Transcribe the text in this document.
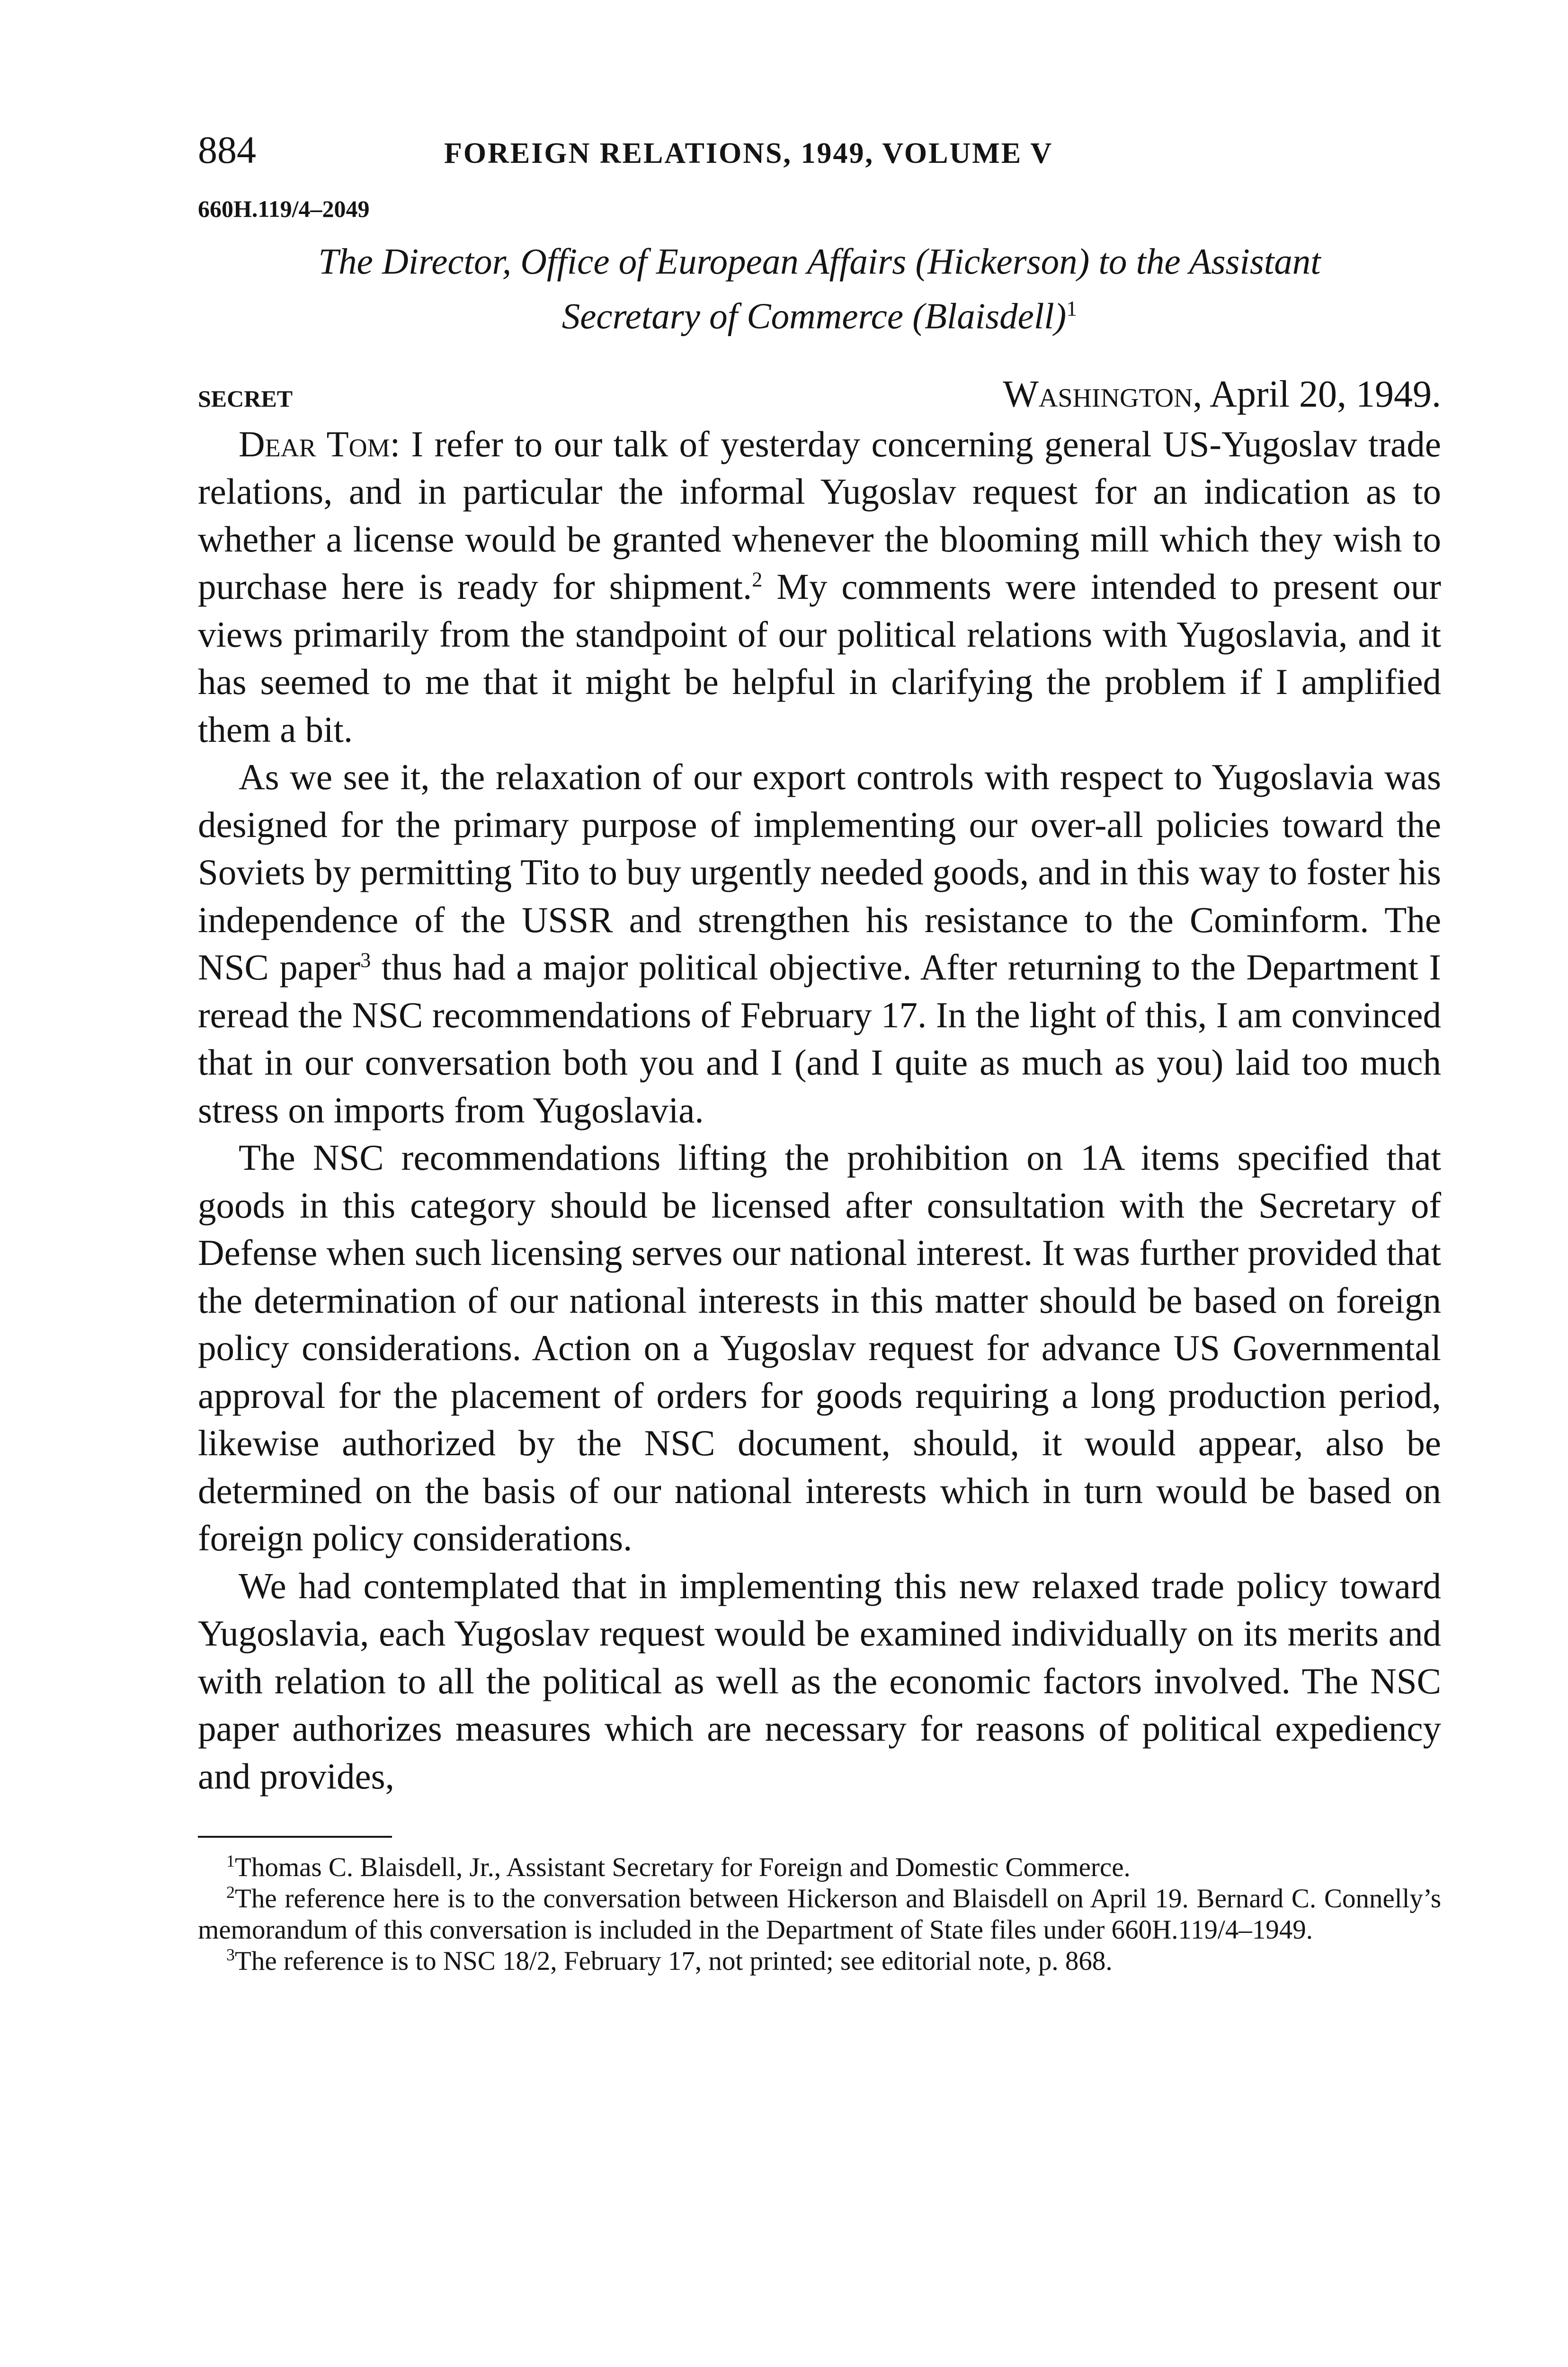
884	FOREIGN RELATIONS, 1949, VOLUME V
660H.119/4–2049
The Director, Office of European Affairs (Hickerson) to the Assistant
Secretary of Commerce (Blaisdell)$^1$
SECRET	Washington, April 20, 1949.

Dear Tom: I refer to our talk of yesterday concerning general US-Yugoslav trade relations, and in particular the informal Yugoslav request for an indication as to whether a license would be granted whenever the blooming mill which they wish to purchase here is ready for shipment.$^2$ My comments were intended to present our views primarily from the standpoint of our political relations with Yugoslavia, and it has seemed to me that it might be helpful in clarifying the problem if I amplified them a bit.

As we see it, the relaxation of our export controls with respect to Yugoslavia was designed for the primary purpose of implementing our over-all policies toward the Soviets by permitting Tito to buy urgently needed goods, and in this way to foster his independence of the USSR and strengthen his resistance to the Cominform. The NSC paper$^3$ thus had a major political objective. After returning to the Department I reread the NSC recommendations of February 17. In the light of this, I am convinced that in our conversation both you and I (and I quite as much as you) laid too much stress on imports from Yugoslavia.

The NSC recommendations lifting the prohibition on 1A items specified that goods in this category should be licensed after consultation with the Secretary of Defense when such licensing serves our national interest. It was further provided that the determination of our national interests in this matter should be based on foreign policy considerations. Action on a Yugoslav request for advance US Governmental approval for the placement of orders for goods requiring a long production period, likewise authorized by the NSC document, should, it would appear, also be determined on the basis of our national interests which in turn would be based on foreign policy considerations.

We had contemplated that in implementing this new relaxed trade policy toward Yugoslavia, each Yugoslav request would be examined individually on its merits and with relation to all the political as well as the economic factors involved. The NSC paper authorizes measures which are necessary for reasons of political expediency and provides,

$^1$Thomas C. Blaisdell, Jr., Assistant Secretary for Foreign and Domestic Commerce.

$^2$The reference here is to the conversation between Hickerson and Blaisdell on April 19. Bernard C. Connelly’s memorandum of this conversation is included in the Department of State files under 660H.119/4–1949.

$^3$The reference is to NSC 18/2, February 17, not printed; see editorial note, p. 868.
